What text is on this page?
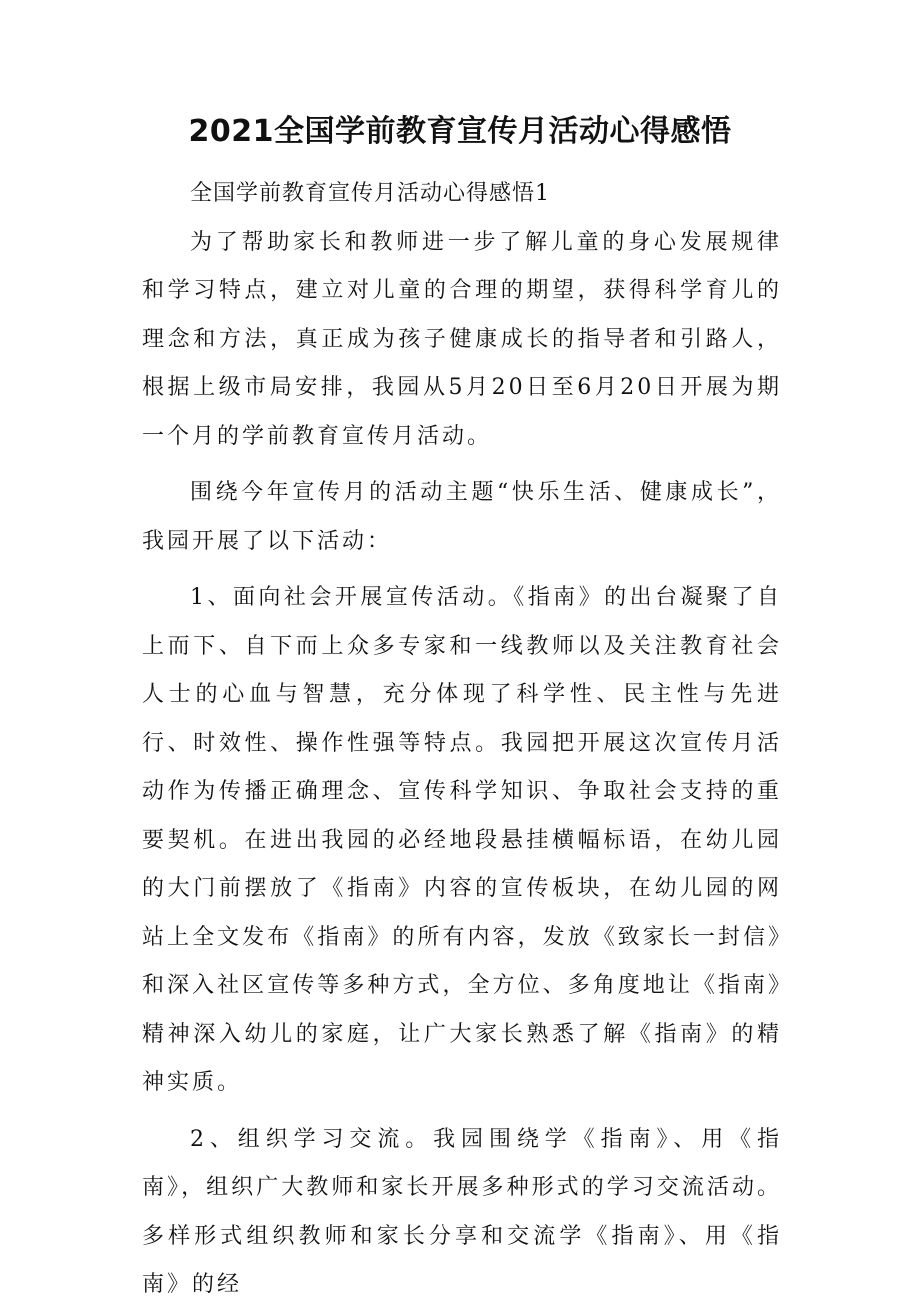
2021全国学前教育宣传月活动心得感悟

全国学前教育宣传月活动心得感悟1

为了帮助家长和教师进一步了解儿童的身心发展规律和学习特点，建立对儿童的合理的期望，获得科学育儿的理念和方法，真正成为孩子健康成长的指导者和引路人，根据上级市局安排，我园从5月20日至6月20日开展为期一个月的学前教育宣传月活动。

围绕今年宣传月的活动主题“快乐生活、健康成长”，我园开展了以下活动：

1、面向社会开展宣传活动。《指南》的出台凝聚了自上而下、自下而上众多专家和一线教师以及关注教育社会人士的心血与智慧，充分体现了科学性、民主性与先进行、时效性、操作性强等特点。我园把开展这次宣传月活动作为传播正确理念、宣传科学知识、争取社会支持的重要契机。在进出我园的必经地段悬挂横幅标语，在幼儿园的大门前摆放了《指南》内容的宣传板块，在幼儿园的网站上全文发布《指南》的所有内容，发放《致家长一封信》和深入社区宣传等多种方式，全方位、多角度地让《指南》精神深入幼儿的家庭，让广大家长熟悉了解《指南》的精神实质。

2、组织学习交流。我园围绕学《指南》、用《指南》，组织广大教师和家长开展多种形式的学习交流活动。多样形式组织教师和家长分享和交流学《指南》、用《指南》的经
